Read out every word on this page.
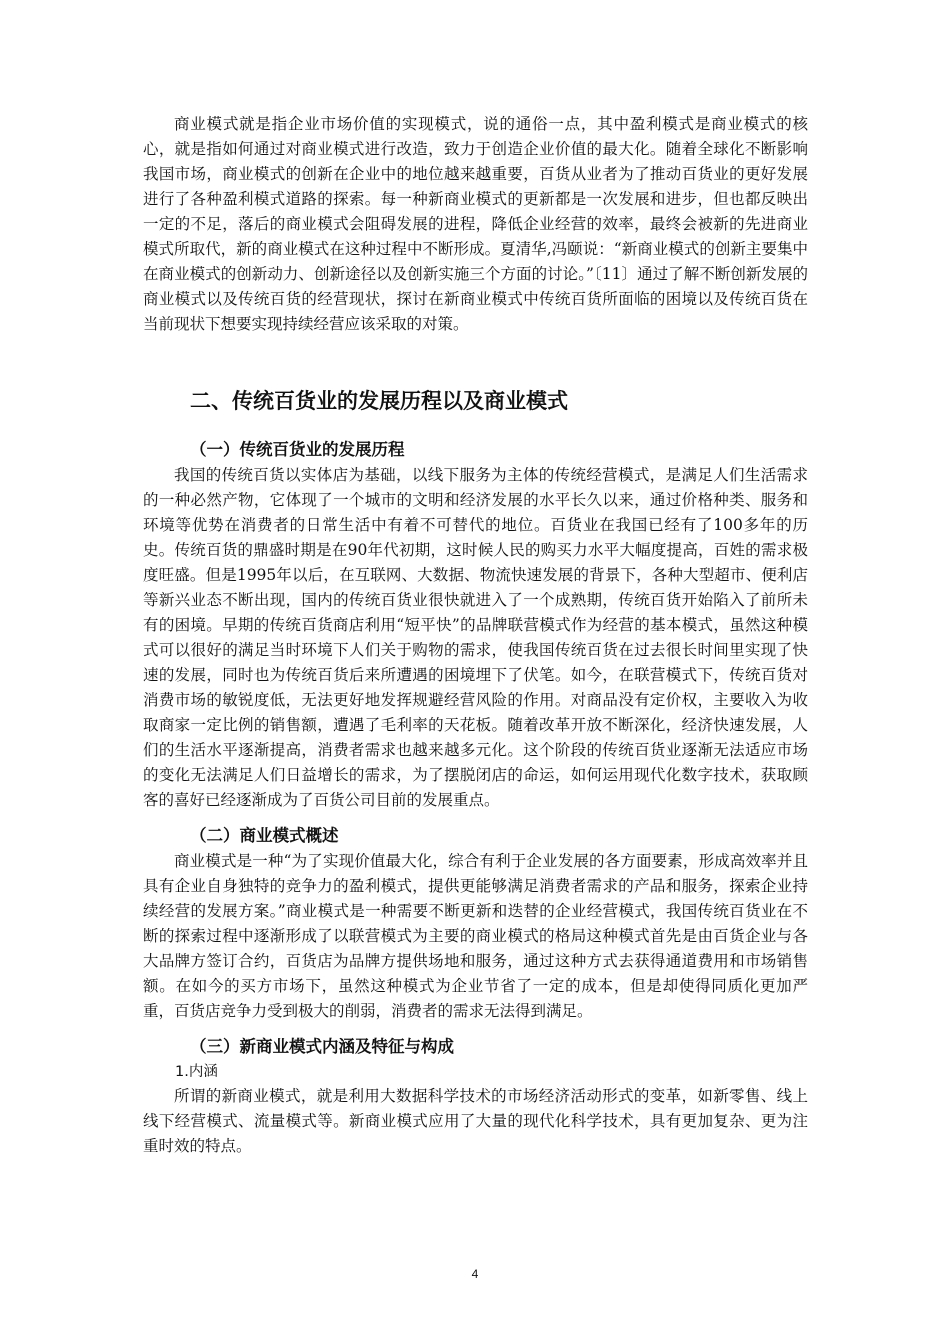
商业模式就是指企业市场价值的实现模式，说的通俗一点，其中盈利模式是商业模式的核心，就是指如何通过对商业模式进行改造，致力于创造企业价值的最大化。随着全球化不断影响我国市场，商业模式的创新在企业中的地位越来越重要，百货从业者为了推动百货业的更好发展进行了各种盈利模式道路的探索。每一种新商业模式的更新都是一次发展和进步，但也都反映出一定的不足，落后的商业模式会阻碍发展的进程，降低企业经营的效率，最终会被新的先进商业模式所取代，新的商业模式在这种过程中不断形成。夏清华,冯颐说：“新商业模式的创新主要集中在商业模式的创新动力、创新途径以及创新实施三个方面的讨论。”〔11〕通过了解不断创新发展的商业模式以及传统百货的经营现状，探讨在新商业模式中传统百货所面临的困境以及传统百货在当前现状下想要实现持续经营应该采取的对策。

二、传统百货业的发展历程以及商业模式
（一）传统百货业的发展历程

我国的传统百货以实体店为基础，以线下服务为主体的传统经营模式，是满足人们生活需求的一种必然产物，它体现了一个城市的文明和经济发展的水平长久以来，通过价格种类、服务和环境等优势在消费者的日常生活中有着不可替代的地位。百货业在我国已经有了100多年的历史。传统百货的鼎盛时期是在90年代初期，这时候人民的购买力水平大幅度提高，百姓的需求极度旺盛。但是1995年以后，在互联网、大数据、物流快速发展的背景下，各种大型超市、便利店等新兴业态不断出现，国内的传统百货业很快就进入了一个成熟期，传统百货开始陷入了前所未有的困境。早期的传统百货商店利用“短平快”的品牌联营模式作为经营的基本模式，虽然这种模式可以很好的满足当时环境下人们关于购物的需求，使我国传统百货在过去很长时间里实现了快速的发展，同时也为传统百货后来所遭遇的困境埋下了伏笔。如今，在联营模式下，传统百货对消费市场的敏锐度低，无法更好地发挥规避经营风险的作用。对商品没有定价权，主要收入为收取商家一定比例的销售额，遭遇了毛利率的天花板。随着改革开放不断深化，经济快速发展，人们的生活水平逐渐提高，消费者需求也越来越多元化。这个阶段的传统百货业逐渐无法适应市场的变化无法满足人们日益增长的需求，为了摆脱闭店的命运，如何运用现代化数字技术，获取顾客的喜好已经逐渐成为了百货公司目前的发展重点。

（二）商业模式概述

商业模式是一种“为了实现价值最大化，综合有利于企业发展的各方面要素，形成高效率并且具有企业自身独特的竞争力的盈利模式，提供更能够满足消费者需求的产品和服务，探索企业持续经营的发展方案。”商业模式是一种需要不断更新和迭替的企业经营模式，我国传统百货业在不断的探索过程中逐渐形成了以联营模式为主要的商业模式的格局这种模式首先是由百货企业与各大品牌方签订合约，百货店为品牌方提供场地和服务，通过这种方式去获得通道费用和市场销售额。在如今的买方市场下，虽然这种模式为企业节省了一定的成本，但是却使得同质化更加严重，百货店竞争力受到极大的削弱，消费者的需求无法得到满足。

（三）新商业模式内涵及特征与构成
1.内涵

所谓的新商业模式，就是利用大数据科学技术的市场经济活动形式的变革，如新零售、线上线下经营模式、流量模式等。新商业模式应用了大量的现代化科学技术，具有更加复杂、更为注重时效的特点。

4
